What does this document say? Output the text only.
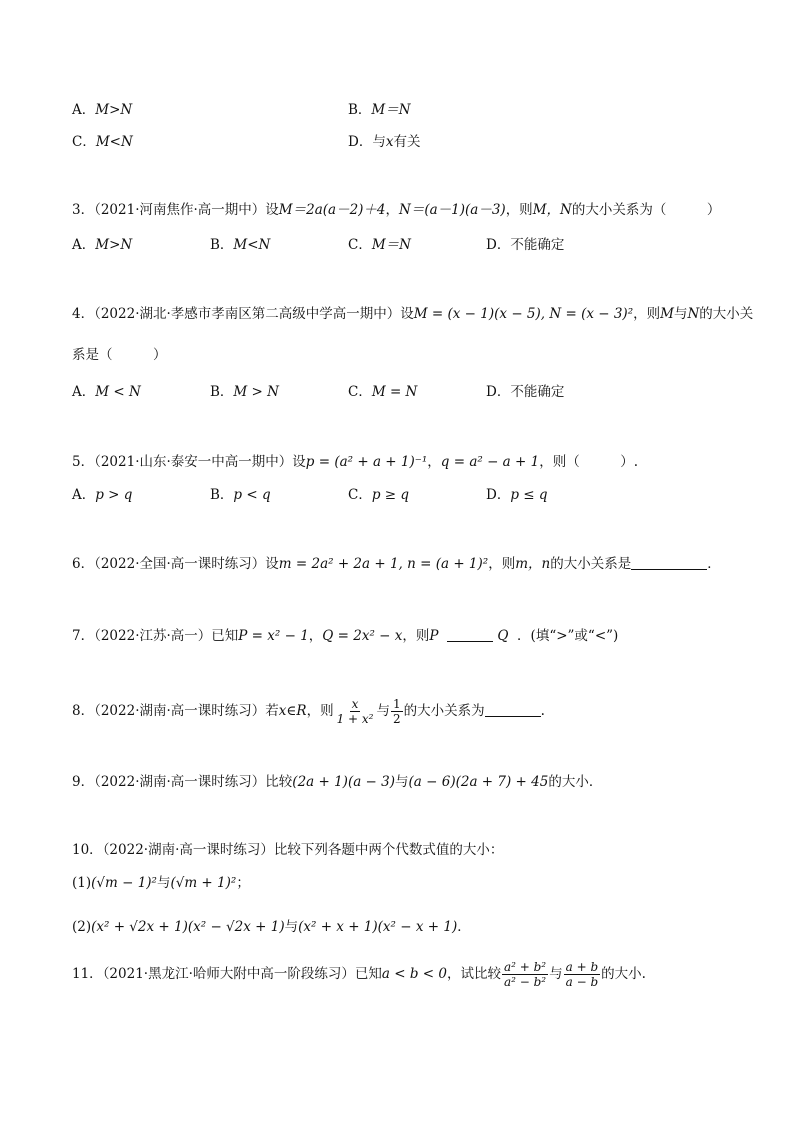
A．M>N	B．M＝N
C．M<N	D．与x有关
3．（2021·河南焦作·高一期中）设M＝2a(a－2)＋4，N＝(a－1)(a－3)，则M，N的大小关系为（　　　）
A．M>N	B．M<N	C．M＝N	D．不能确定
4．（2022·湖北·孝感市孝南区第二高级中学高一期中）设M = (x − 1)(x − 5), N = (x − 3)²，则M与N的大小关
系是（　　　）
A．M < N	B．M > N	C．M = N	D．不能确定
5．（2021·山东·泰安一中高一期中）设p = (a² + a + 1)⁻¹，q = a² − a + 1，则（　　　）.
A．p > q	B．p < q	C．p ≥ q	D．p ≤ q
6．（2022·全国·高一课时练习）设m = 2a² + 2a + 1, n = (a + 1)²，则m，n的大小关系是	．
7．（2022·江苏·高一）已知P = x² − 1，Q = 2x² − x，则P	Q ．(填“>”或“<”)
8．（2022·湖南·高一课时练习）若x∈R，则 $\frac{x}{\text{1 + x²}}$ 与 $\frac{1}{2}$ 的大小关系为	.
9．（2022·湖南·高一课时练习）比较(2a + 1)(a − 3)与(a − 6)(2a + 7) + 45的大小．
10．（2022·湖南·高一课时练习）比较下列各题中两个代数式值的大小：
(1)(√m − 1)²与(√m + 1)²；
(2)(x² + √2x + 1)(x² − √2x + 1)与(x² + x + 1)(x² − x + 1)．
11．（2021·黑龙江·哈师大附中高一阶段练习）已知a < b < 0，试比较 $\frac{\text{a² + b²}}{\text{a² − b²}}$ 与 $\frac{a + b}{a - b}$ 的大小.
